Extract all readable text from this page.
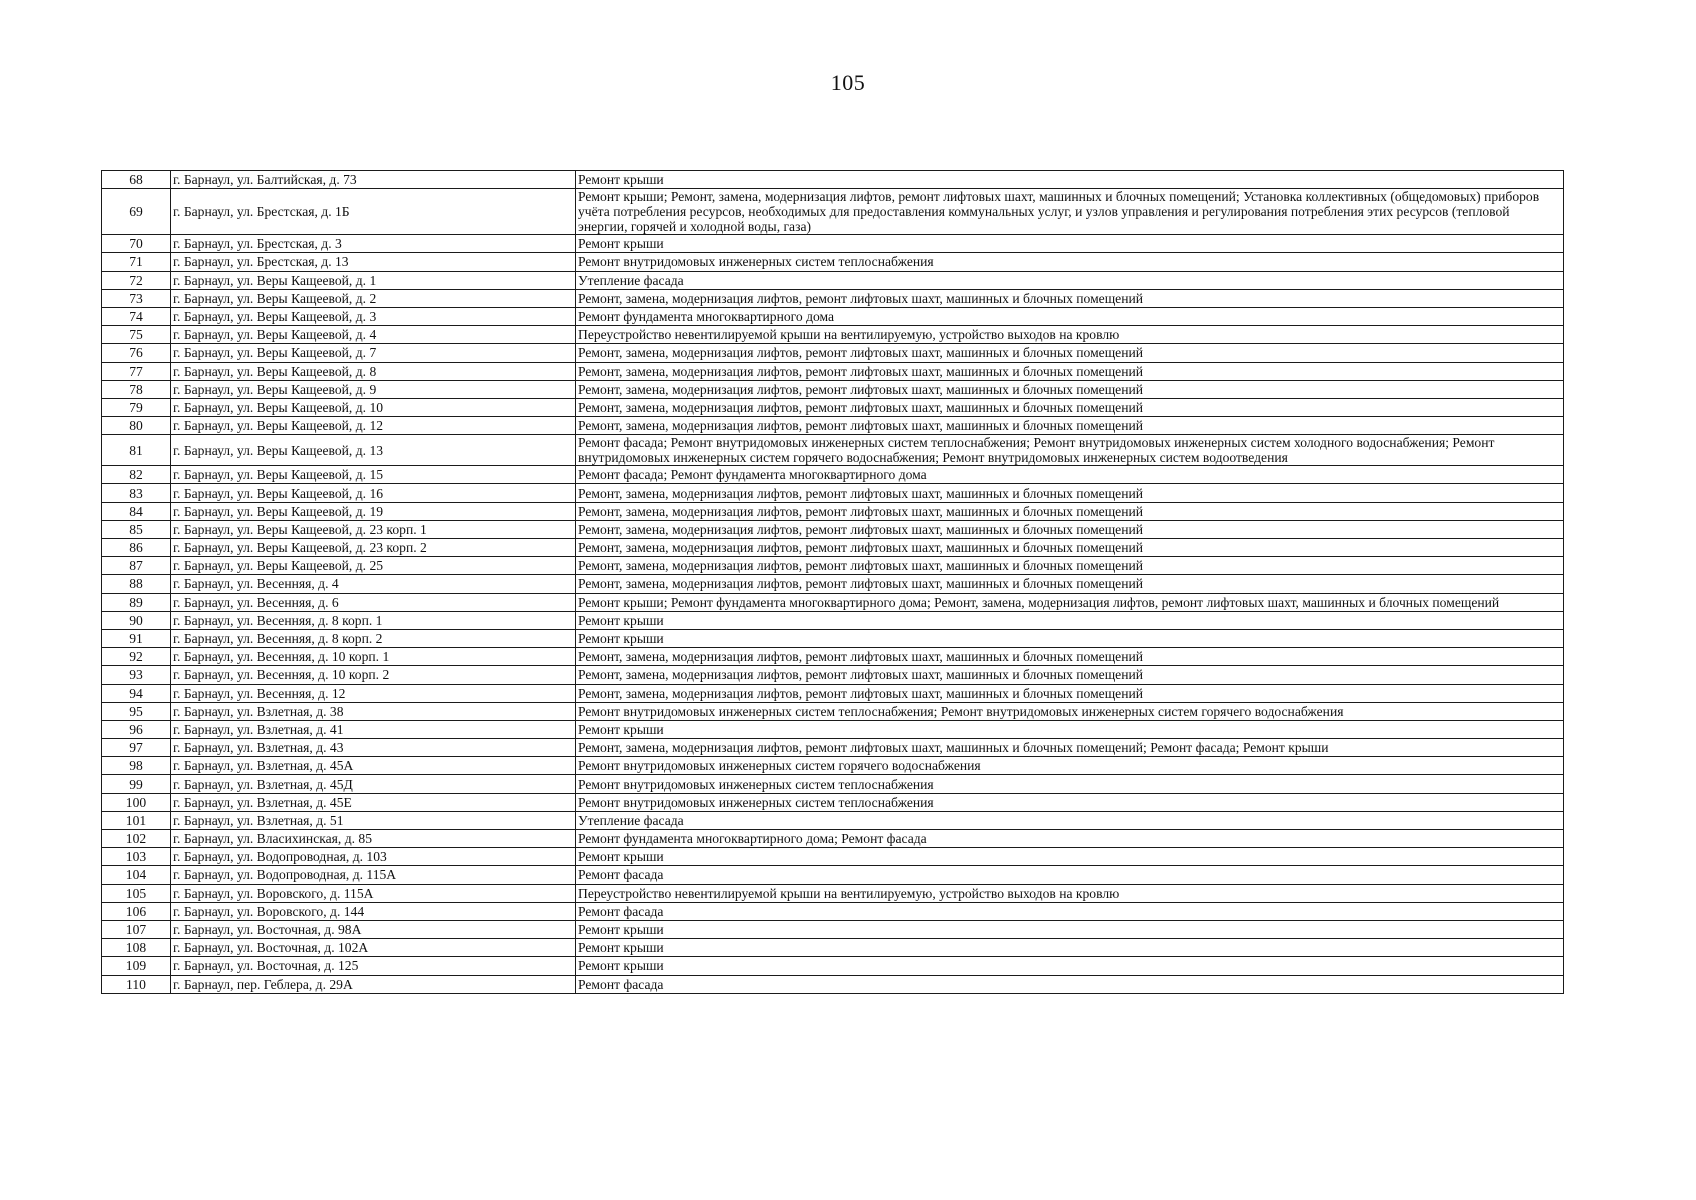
105
68	г. Барнаул, ул. Балтийская, д. 73	Ремонт крыши
69	г. Барнаул, ул. Брестская, д. 1Б	Ремонт крыши; Ремонт, замена, модернизация лифтов, ремонт лифтовых шахт, машинных и блочных помещений; Установка коллективных (общедомовых) приборов учёта потребления ресурсов, необходимых для предоставления коммунальных услуг, и узлов управления и регулирования потребления этих ресурсов (тепловой энергии, горячей и холодной воды, газа)
70	г. Барнаул, ул. Брестская, д. 3	Ремонт крыши
71	г. Барнаул, ул. Брестская, д. 13	Ремонт внутридомовых инженерных систем теплоснабжения
72	г. Барнаул, ул. Веры Кащеевой, д. 1	Утепление фасада
73	г. Барнаул, ул. Веры Кащеевой, д. 2	Ремонт, замена, модернизация лифтов, ремонт лифтовых шахт, машинных и блочных помещений
74	г. Барнаул, ул. Веры Кащеевой, д. 3	Ремонт фундамента многоквартирного дома
75	г. Барнаул, ул. Веры Кащеевой, д. 4	Переустройство невентилируемой крыши на вентилируемую, устройство выходов на кровлю
76	г. Барнаул, ул. Веры Кащеевой, д. 7	Ремонт, замена, модернизация лифтов, ремонт лифтовых шахт, машинных и блочных помещений
77	г. Барнаул, ул. Веры Кащеевой, д. 8	Ремонт, замена, модернизация лифтов, ремонт лифтовых шахт, машинных и блочных помещений
78	г. Барнаул, ул. Веры Кащеевой, д. 9	Ремонт, замена, модернизация лифтов, ремонт лифтовых шахт, машинных и блочных помещений
79	г. Барнаул, ул. Веры Кащеевой, д. 10	Ремонт, замена, модернизация лифтов, ремонт лифтовых шахт, машинных и блочных помещений
80	г. Барнаул, ул. Веры Кащеевой, д. 12	Ремонт, замена, модернизация лифтов, ремонт лифтовых шахт, машинных и блочных помещений
81	г. Барнаул, ул. Веры Кащеевой, д. 13	Ремонт фасада; Ремонт внутридомовых инженерных систем теплоснабжения; Ремонт внутридомовых инженерных систем холодного водоснабжения; Ремонт внутридомовых инженерных систем горячего водоснабжения; Ремонт внутридомовых инженерных систем водоотведения
82	г. Барнаул, ул. Веры Кащеевой, д. 15	Ремонт фасада; Ремонт фундамента многоквартирного дома
83	г. Барнаул, ул. Веры Кащеевой, д. 16	Ремонт, замена, модернизация лифтов, ремонт лифтовых шахт, машинных и блочных помещений
84	г. Барнаул, ул. Веры Кащеевой, д. 19	Ремонт, замена, модернизация лифтов, ремонт лифтовых шахт, машинных и блочных помещений
85	г. Барнаул, ул. Веры Кащеевой, д. 23 корп. 1	Ремонт, замена, модернизация лифтов, ремонт лифтовых шахт, машинных и блочных помещений
86	г. Барнаул, ул. Веры Кащеевой, д. 23 корп. 2	Ремонт, замена, модернизация лифтов, ремонт лифтовых шахт, машинных и блочных помещений
87	г. Барнаул, ул. Веры Кащеевой, д. 25	Ремонт, замена, модернизация лифтов, ремонт лифтовых шахт, машинных и блочных помещений
88	г. Барнаул, ул. Весенняя, д. 4	Ремонт, замена, модернизация лифтов, ремонт лифтовых шахт, машинных и блочных помещений
89	г. Барнаул, ул. Весенняя, д. 6	Ремонт крыши; Ремонт фундамента многоквартирного дома; Ремонт, замена, модернизация лифтов, ремонт лифтовых шахт, машинных и блочных помещений
90	г. Барнаул, ул. Весенняя, д. 8 корп. 1	Ремонт крыши
91	г. Барнаул, ул. Весенняя, д. 8 корп. 2	Ремонт крыши
92	г. Барнаул, ул. Весенняя, д. 10 корп. 1	Ремонт, замена, модернизация лифтов, ремонт лифтовых шахт, машинных и блочных помещений
93	г. Барнаул, ул. Весенняя, д. 10 корп. 2	Ремонт, замена, модернизация лифтов, ремонт лифтовых шахт, машинных и блочных помещений
94	г. Барнаул, ул. Весенняя, д. 12	Ремонт, замена, модернизация лифтов, ремонт лифтовых шахт, машинных и блочных помещений
95	г. Барнаул, ул. Взлетная, д. 38	Ремонт внутридомовых инженерных систем теплоснабжения; Ремонт внутридомовых инженерных систем горячего водоснабжения
96	г. Барнаул, ул. Взлетная, д. 41	Ремонт крыши
97	г. Барнаул, ул. Взлетная, д. 43	Ремонт, замена, модернизация лифтов, ремонт лифтовых шахт, машинных и блочных помещений; Ремонт фасада; Ремонт крыши
98	г. Барнаул, ул. Взлетная, д. 45А	Ремонт внутридомовых инженерных систем горячего водоснабжения
99	г. Барнаул, ул. Взлетная, д. 45Д	Ремонт внутридомовых инженерных систем теплоснабжения
100	г. Барнаул, ул. Взлетная, д. 45Е	Ремонт внутридомовых инженерных систем теплоснабжения
101	г. Барнаул, ул. Взлетная, д. 51	Утепление фасада
102	г. Барнаул, ул. Власихинская, д. 85	Ремонт фундамента многоквартирного дома; Ремонт фасада
103	г. Барнаул, ул. Водопроводная, д. 103	Ремонт крыши
104	г. Барнаул, ул. Водопроводная, д. 115А	Ремонт фасада
105	г. Барнаул, ул. Воровского, д. 115А	Переустройство невентилируемой крыши на вентилируемую, устройство выходов на кровлю
106	г. Барнаул, ул. Воровского, д. 144	Ремонт фасада
107	г. Барнаул, ул. Восточная, д. 98А	Ремонт крыши
108	г. Барнаул, ул. Восточная, д. 102А	Ремонт крыши
109	г. Барнаул, ул. Восточная, д. 125	Ремонт крыши
110	г. Барнаул, пер. Геблера, д. 29А	Ремонт фасада
